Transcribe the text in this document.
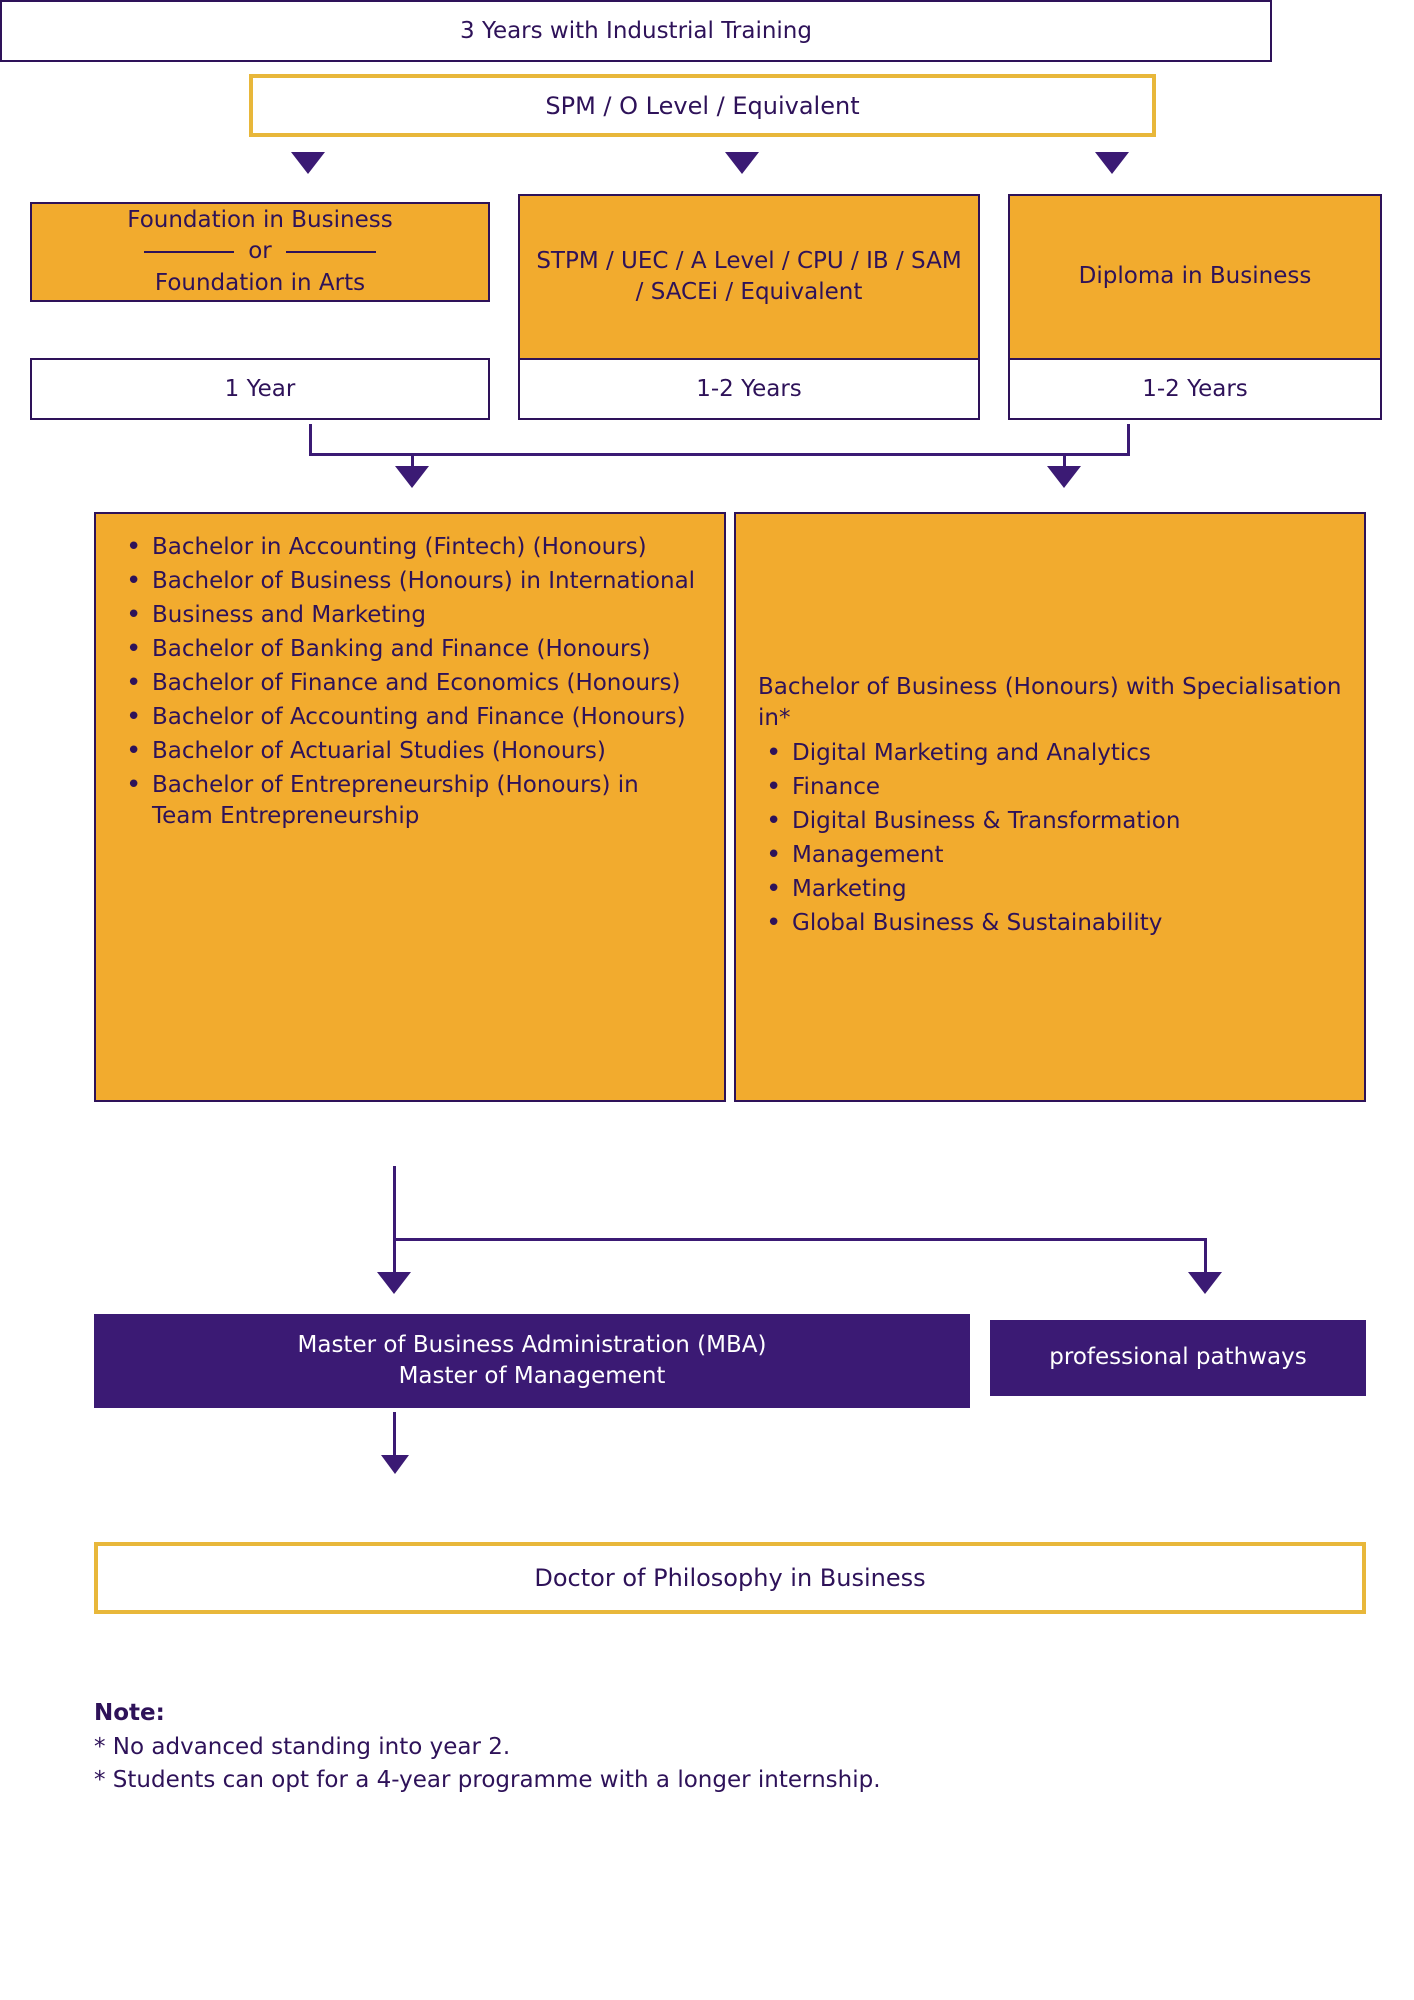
SPM / O Level / Equivalent
Foundation in Business
or
Foundation in Arts
1 Year
STPM / UEC / A Level / CPU / IB / SAM / SACEi / Equivalent
1-2 Years
Diploma in Business
1-2 Years
• Bachelor in Accounting (Fintech) (Honours)
• Bachelor of Business (Honours) in International
• Business and Marketing
• Bachelor of Banking and Finance (Honours)
• Bachelor of Finance and Economics (Honours)
• Bachelor of Accounting and Finance (Honours)
• Bachelor of Actuarial Studies (Honours)
• Bachelor of Entrepreneurship (Honours) in Team Entrepreneurship
Bachelor of Business (Honours) with Specialisation in*
• Digital Marketing and Analytics
• Finance
• Digital Business & Transformation
• Management
• Marketing
• Global Business & Sustainability
3 Years with Industrial Training
Master of Business Administration (MBA)
Master of Management
professional pathways
Doctor of Philosophy in Business
Note:
* No advanced standing into year 2.
* Students can opt for a 4-year programme with a longer internship.
